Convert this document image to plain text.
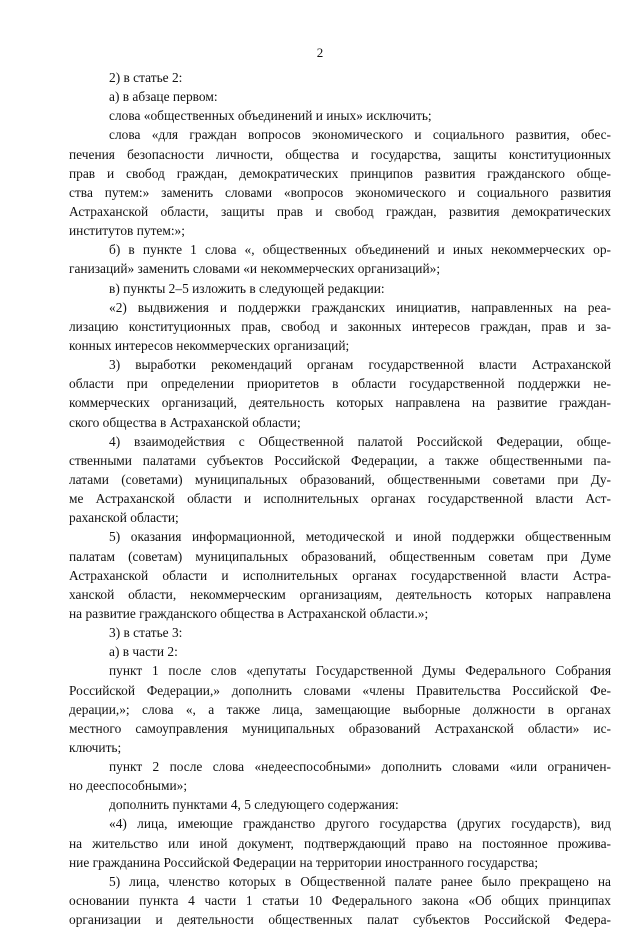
2
2) в статье 2:
а) в абзаце первом:
слова «общественных объединений и иных» исключить;
слова «для граждан вопросов экономического и социального развития, обес-
печения безопасности личности, общества и государства, защиты конституционных
прав и свобод граждан, демократических принципов развития гражданского обще-
ства путем:» заменить словами «вопросов экономического и социального развития
Астраханской области, защиты прав и свобод граждан, развития демократических
институтов путем:»;
б) в пункте 1 слова «, общественных объединений и иных некоммерческих ор-
ганизаций» заменить словами «и некоммерческих организаций»;
в) пункты 2–5 изложить в следующей редакции:
«2) выдвижения и поддержки гражданских инициатив, направленных на реа-
лизацию конституционных прав, свобод и законных интересов граждан, прав и за-
конных интересов некоммерческих организаций;
3) выработки рекомендаций органам государственной власти Астраханской
области при определении приоритетов в области государственной поддержки не-
коммерческих организаций, деятельность которых направлена на развитие граждан-
ского общества в Астраханской области;
4) взаимодействия с Общественной палатой Российской Федерации, обще-
ственными палатами субъектов Российской Федерации, а также общественными па-
латами (советами) муниципальных образований, общественными советами при Ду-
ме Астраханской области и исполнительных органах государственной власти Аст-
раханской области;
5) оказания информационной, методической и иной поддержки общественным
палатам (советам) муниципальных образований, общественным советам при Думе
Астраханской области и исполнительных органах государственной власти Астра-
ханской области, некоммерческим организациям, деятельность которых направлена
на развитие гражданского общества в Астраханской области.»;
3) в статье 3:
а) в части 2:
пункт 1 после слов «депутаты Государственной Думы Федерального Собрания
Российской Федерации,» дополнить словами «члены Правительства Российской Фе-
дерации,»; слова «, а также лица, замещающие выборные должности в органах
местного самоуправления муниципальных образований Астраханской области» ис-
ключить;
пункт 2 после слова «недееспособными» дополнить словами «или ограничен-
но дееспособными»;
дополнить пунктами 4, 5 следующего содержания:
«4) лица, имеющие гражданство другого государства (других государств), вид
на жительство или иной документ, подтверждающий право на постоянное прожива-
ние гражданина Российской Федерации на территории иностранного государства;
5) лица, членство которых в Общественной палате ранее было прекращено на
основании пункта 4 части 1 статьи 10 Федерального закона «Об общих принципах
организации и деятельности общественных палат субъектов Российской Федера-
